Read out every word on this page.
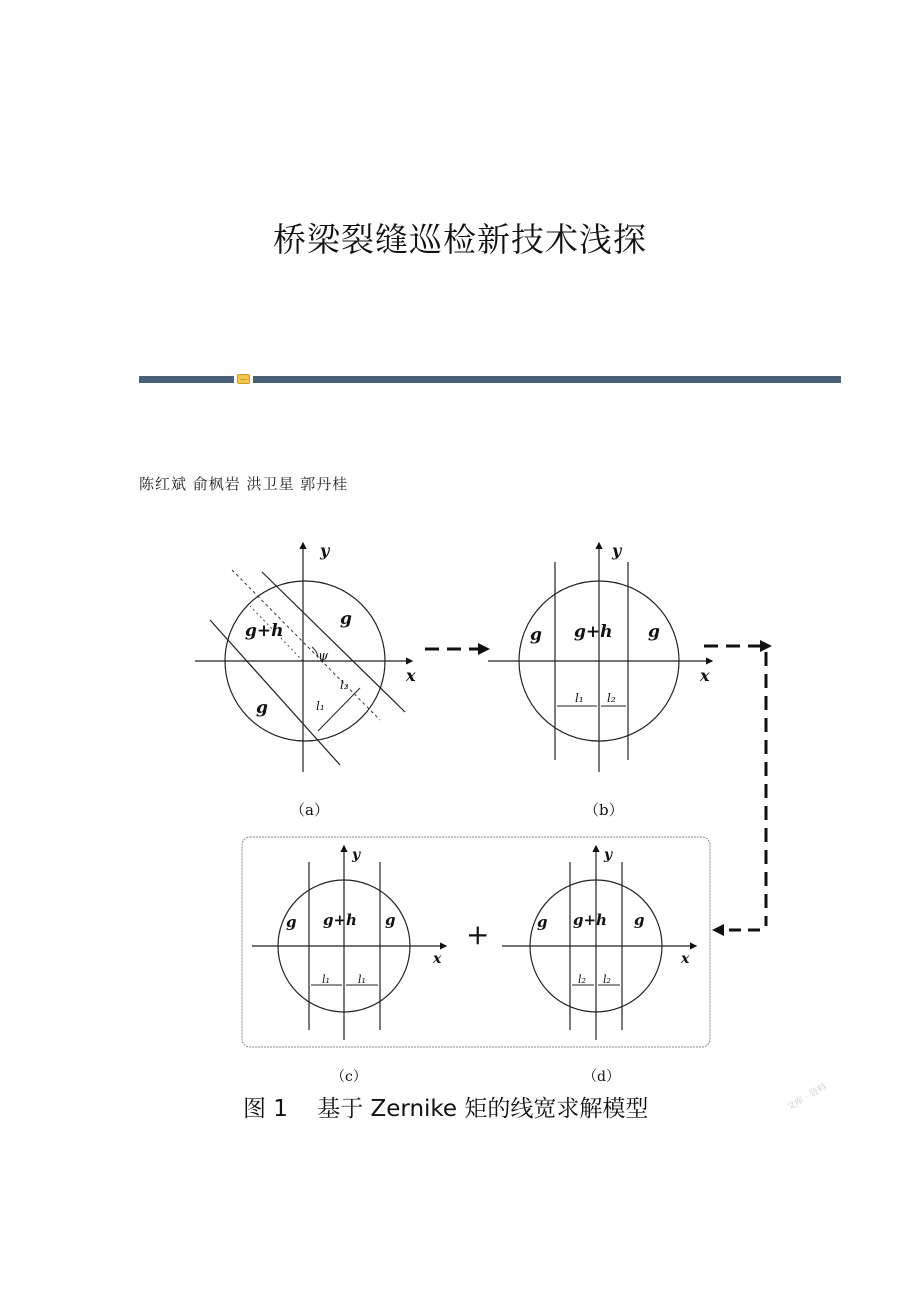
桥梁裂缝巡检新技术浅探
陈红斌 俞枫岩 洪卫星 郭丹桂
g+h
g
g
y
x
ψ
l₁
l₂
（a）
g g+h g
y
x
l₁ l₂
（b）
g g+h g
y
x
l₁	l₁
（c）
+	g g+h g
y
x
l₂ l₂
（d）
图 1    基于 Zernike 矩的线宽求解模型	文库 · 资料
